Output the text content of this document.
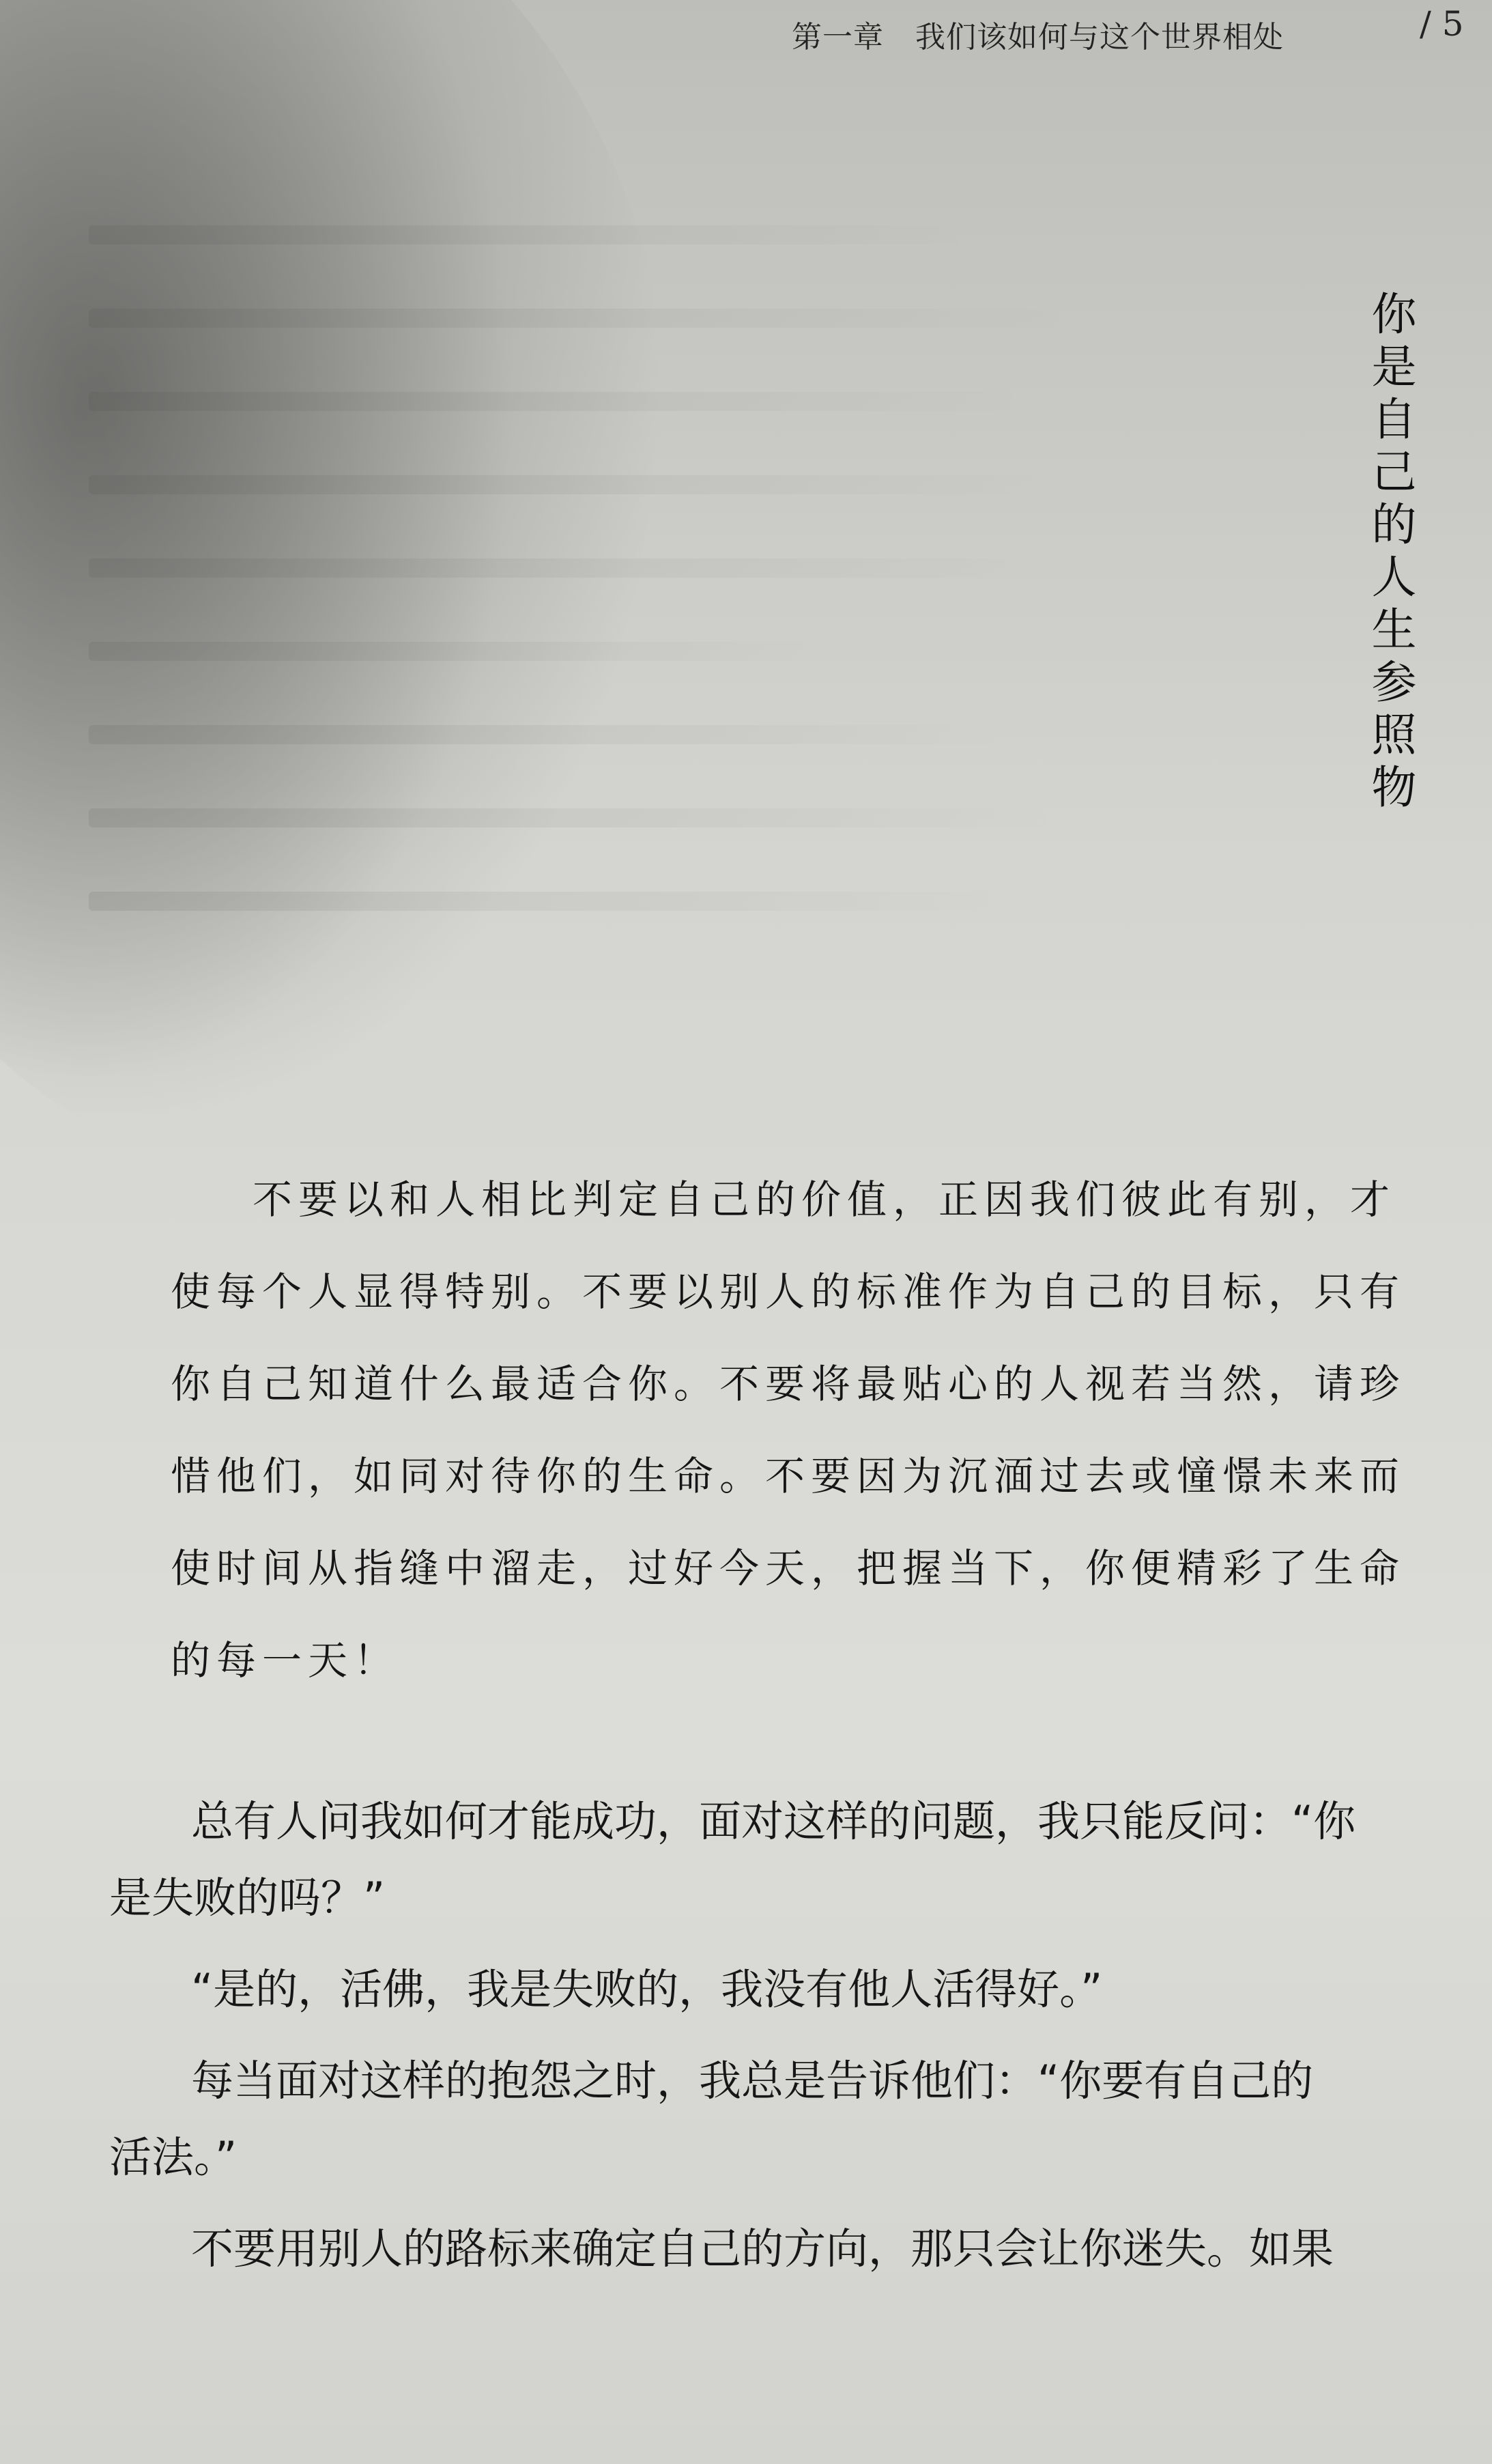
第一章 我们该如何与这个世界相处	/ 5
你是自己的人生参照物
不要以和人相比判定自己的价值，正因我们彼此有别，才
使每个人显得特别。不要以别人的标准作为自己的目标，只有
你自己知道什么最适合你。不要将最贴心的人视若当然，请珍
惜他们，如同对待你的生命。不要因为沉湎过去或憧憬未来而
使时间从指缝中溜走，过好今天，把握当下，你便精彩了生命
的每一天！
总有人问我如何才能成功，面对这样的问题，我只能反问：“你
是失败的吗？”
“是的，活佛，我是失败的，我没有他人活得好。”
每当面对这样的抱怨之时，我总是告诉他们：“你要有自己的
活法。”
不要用别人的路标来确定自己的方向，那只会让你迷失。如果
